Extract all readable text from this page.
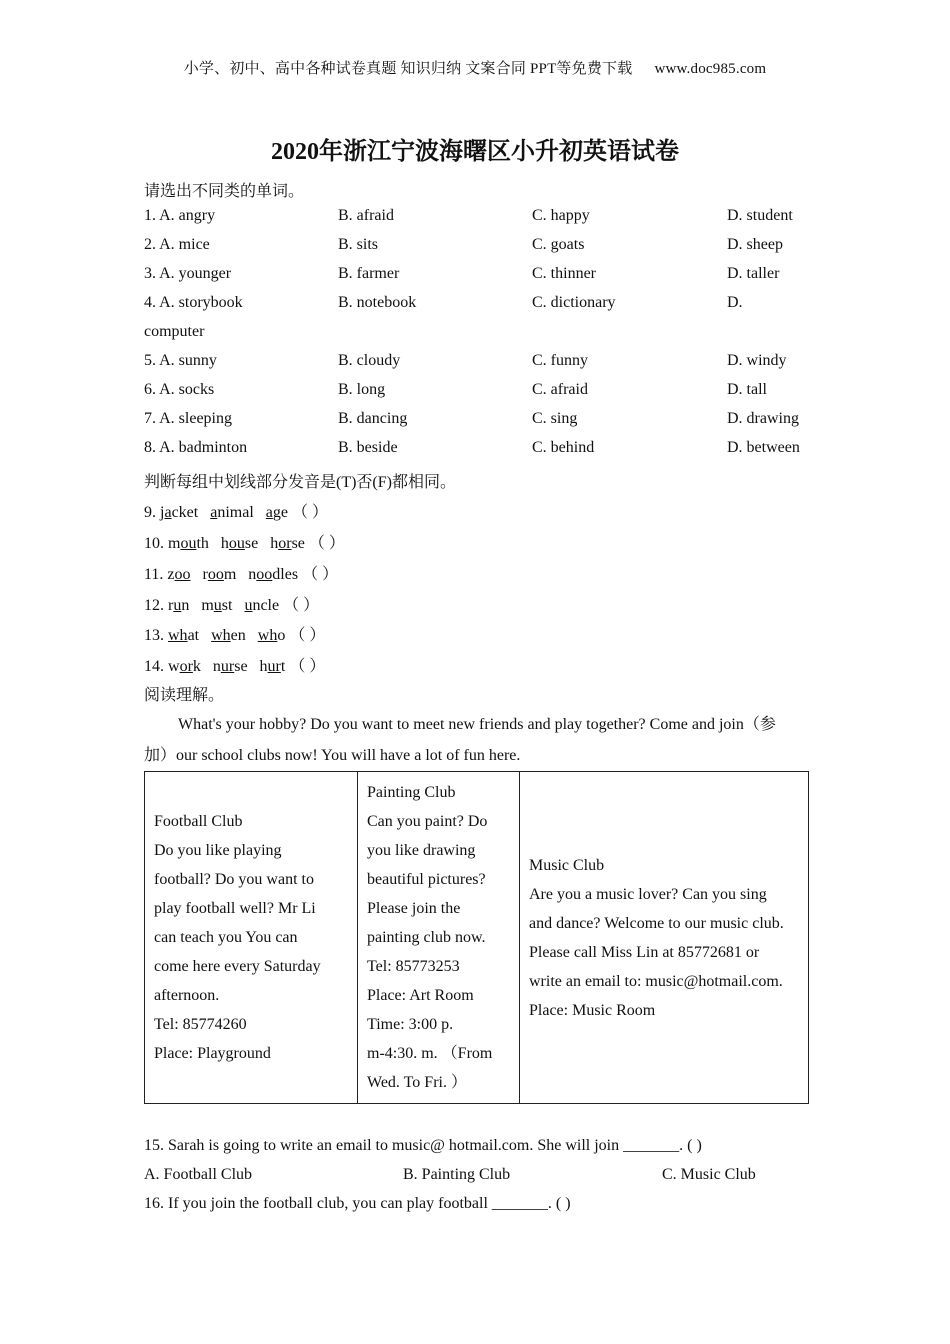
小学、初中、高中各种试卷真题 知识归纳 文案合同 PPT等免费下载 www.doc985.com
2020年浙江宁波海曙区小升初英语试卷
请选出不同类的单词。
1. A. angry	B. afraid	C. happy	D. student
2. A. mice	B. sits	C. goats	D. sheep
3. A. younger	B. farmer	C. thinner	D. taller
4. A. storybook	B. notebook	C. dictionary	D.
computer
5. A. sunny	B. cloudy	C. funny	D. windy
6. A. socks	B. long	C. afraid	D. tall
7. A. sleeping	B. dancing	C. sing	D. drawing
8. A. badminton	B. beside	C. behind	D. between
判断每组中划线部分发音是(T)否(F)都相同。
9. jacket animal age （ ）
10. mouth house horse （ ）
11. zoo room noodles （ ）
12. run must uncle （ ）
13. what when who （ ）
14. work nurse hurt （ ）
阅读理解。
What's your hobby? Do you want to meet new friends and play together? Come and join（参
加）our school clubs now! You will have a lot of fun here.
Football Club
Do you like playing
football? Do you want to
play football well? Mr Li
can teach you You can
come here every Saturday
afternoon.
Tel: 85774260
Place: Playground

Painting Club
Can you paint? Do
you like drawing
beautiful pictures?
Please join the
painting club now.
Tel: 85773253
Place: Art Room
Time: 3:00 p.
m-4:30. m. （From
Wed. To Fri. ）

Music Club
Are you a music lover? Can you sing
and dance? Welcome to our music club.
Please call Miss Lin at 85772681 or
write an email to: music@hotmail.com.
Place: Music Room
15. Sarah is going to write an email to music@ hotmail.com. She will join _______. ( )
A. Football Club	B. Painting Club	C. Music Club
16. If you join the football club, you can play football _______. ( )
